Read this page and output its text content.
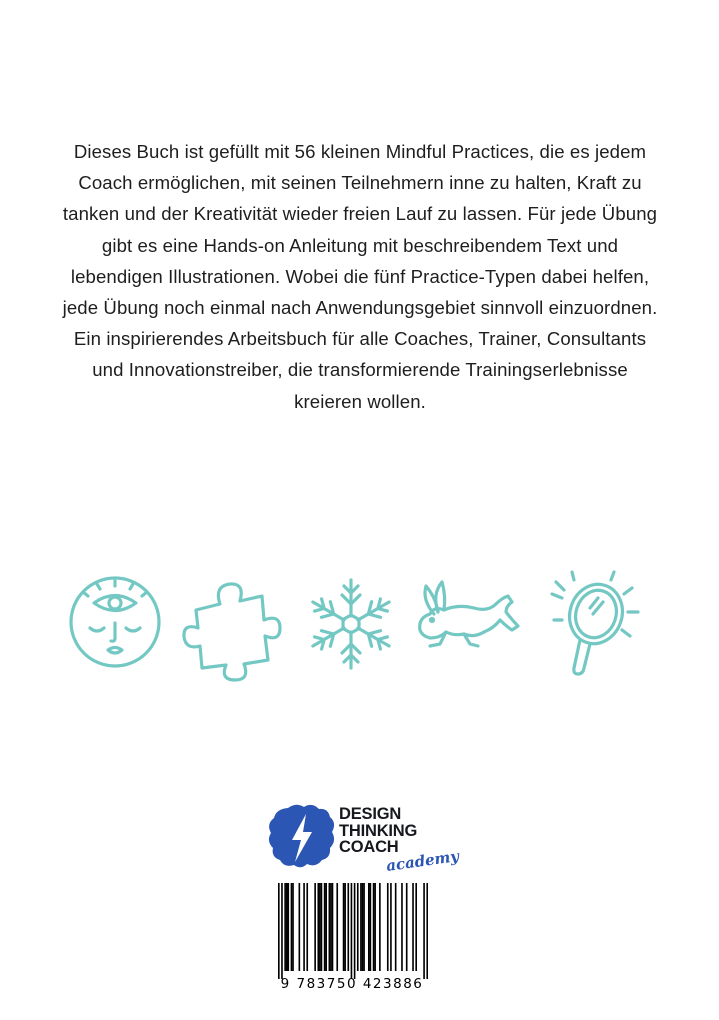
Dieses Buch ist gefüllt mit 56 kleinen Mindful Practices, die es jedem Coach ermöglichen, mit seinen Teilnehmern inne zu halten, Kraft zu tanken und der Kreativität wieder freien Lauf zu lassen. Für jede Übung gibt es eine Hands-on Anleitung mit beschreibendem Text und lebendigen Illustrationen. Wobei die fünf Practice-Typen dabei helfen, jede Übung noch einmal nach Anwendungsgebiet sinnvoll einzuordnen. Ein inspirierendes Arbeitsbuch für alle Coaches, Trainer, Consultants und Innovationstreiber, die transformierende Trainingserlebnisse kreieren wollen.

DESIGN
THINKING
COACH
academy
9 783750 423886
